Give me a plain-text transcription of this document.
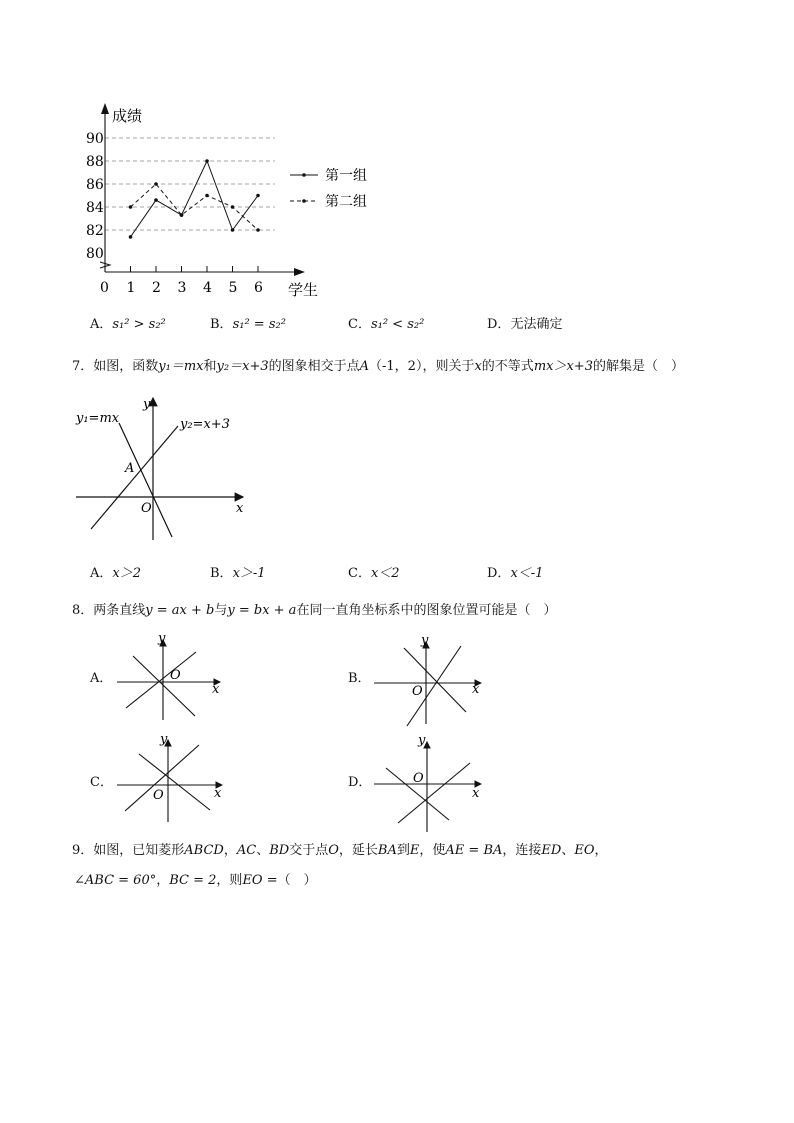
80
82
84
86
88
90
1 2 3 4 5 6
第一组
第二组
成绩
学生
0
A．s₁² > s₂²	B．s₁² = s₂²	C．s₁² < s₂²	D．无法确定
7．如图，函数y₁＝mx和y₂＝x+3的图象相交于点A（-1，2），则关于x的不等式mx＞x+3的解集是（　）
y₁=mx	y₂=x+3
A
O	x
y
A．x＞2	B．x＞-1	C．x＜2	D．x＜-1
8．两条直线y = ax + b与y = bx + a在同一直角坐标系中的图象位置可能是（　）
A．	B．
C．	D．
y
O
x
y
O	x
y
O	x
y
O
x
9．如图，已知菱形ABCD，AC、BD交于点O，延长BA到E，使AE = BA，连接ED、EO，
∠ABC = 60°，BC = 2，则EO =（　）
